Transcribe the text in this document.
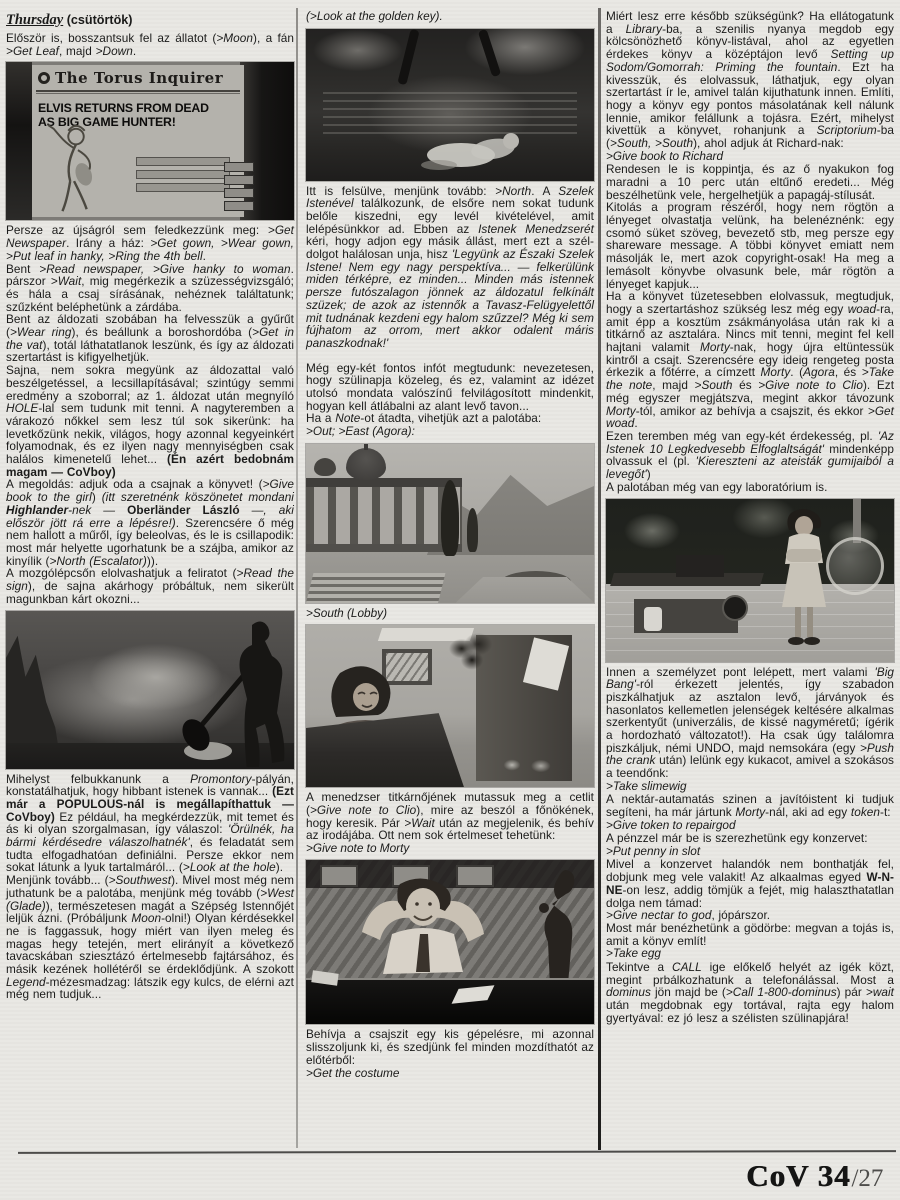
Thursday (csütörtök)
Először is, bosszantsuk fel az állatot (>Moon), a fán >Get Leaf, majd >Down.
The Torus Inquirer
ELVIS RETURNS FROM DEAD
AS BIG GAME HUNTER!
Persze az újságról sem feledkezzünk meg: >Get Newspaper. Irány a ház: >Get gown, >Wear gown, >Put leaf in hanky, >Ring the 4th bell.
Bent >Read newspaper, >Give hanky to woman. párszor >Wait, mig megérkezik a szüzességvizsgáló; és hála a csaj sírásának, nehéznek találtatunk; szűzként beléphetünk a zárdába.
Bent az áldozati szobában ha felvesszük a gyűrűt (>Wear ring), és beállunk a boroshordóba (>Get in the vat), totál láthatatlanok leszünk, és így az áldozati szertartást is kifigyelhetjük.
Sajna, nem sokra megyünk az áldozattal való beszélgetéssel, a lecsillapításával; szintúgy semmi eredmény a szoborral; az 1. áldozat után megnyíló HOLE-lal sem tudunk mit tenni. A nagyteremben a várakozó nőkkel sem lesz túl sok sikerünk: ha levetkőzünk nekik, világos, hogy azonnal kegyeinkért folyamodnak, és ez ilyen nagy mennyiségben csak halálos kimenetelű lehet... (Én azért bedobnám magam — CoVboy)
A megoldás: adjuk oda a csajnak a könyvet! (>Give book to the girl) (itt szeretnénk köszönetet mondani Highlander-nek — Oberländer László —, aki először jött rá erre a lépésre!). Szerencsére ő még nem hallott a műről, így beleolvas, és le is csillapodik: most már helyette ugorhatunk be a szájba, amikor az kinyílik (>North (Escalator))).
A mozgólépcsőn elolvashatjuk a feliratot (>Read the sign), de sajna akárhogy próbáltuk, nem sikerült magunkban kárt okozni...
Mihelyst felbukkanunk a Promontory-pályán, konstatálhatjuk, hogy hibbant istenek is vannak... (Ezt már a POPULOUS-nál is megállapíthattuk — CoVboy) Ez például, ha megkérdezzük, mit temet és ás ki olyan szorgalmasan, így válaszol: 'Örülnék, ha bármi kérdésedre válaszolhatnék', és feladatát sem tudta elfogadhatóan definiálni. Persze ekkor nem sokat látunk a lyuk tartalmáról... (>Look at the hole).
Menjünk tovább... (>Southwest). Mivel most még nem juthatunk be a palotába, menjünk még tovább (>West (Glade)), természetesen magát a Szépség Istennőjét leljük ázni. (Próbáljunk Moon-olni!) Olyan kérdésekkel ne is faggassuk, hogy miért van ilyen meleg és magas hegy tetején, mert elirányít a következő tavacskában sziesztázó értelmesebb fajtársához, és másik kezének hollétéről se érdeklődjünk. A szokott Legend-mézesmadzag: látszik egy kulcs, de elérni azt még nem tudjuk...
(>Look at the golden key).
Itt is felsülve, menjünk tovább: >North. A Szelek Istenével találkozunk, de elsőre nem sokat tudunk belőle kiszedni, egy levél kivételével, amit lelépésünkkor ad. Ebben az Istenek Menedzserét kéri, hogy adjon egy másik állást, mert ezt a szél-dolgot halálosan unja, hisz 'Legyünk az Északi Szelek Istene! Nem egy nagy perspektíva... — felkerülünk miden térképre, ez minden... Minden más istennek persze futószalagon jönnek az áldozatul felkínált szüzek; de azok az istennők a Tavasz-Felügyelettől mit tudnának kezdeni egy halom szűzzel? Még ki sem fújhatom az orrom, mert akkor odalent máris panaszkodnak!'
Még egy-két fontos infót megtudunk: nevezetesen, hogy szülinapja közeleg, és ez, valamint az idézet utolsó mondata valószínű felvilágosított mindenkit, hogyan kell átlábalni az alant levő tavon...
Ha a Note-ot átadta, vihetjük azt a palotába:
>Out; >East (Agora):
>South (Lobby)
A menedzser titkárnőjének mutassuk meg a cetlit (>Give note to Clio), mire az beszól a főnökének, hogy keresik. Pár >Wait után az megjelenik, és behív az irodájába. Ott nem sok értelmeset tehetünk:
>Give note to Morty
Behívja a csajszit egy kis gépelésre, mi azonnal slisszoljunk ki, és szedjünk fel minden mozdíthatót az előtérből:
>Get the costume
Miért lesz erre később szükségünk? Ha ellátogatunk a Library-ba, a szenilis nyanya megdob egy kölcsönözhető könyv-listával, ahol az egyetlen érdekes könyv a középtájon levő Setting up Sodom/Gomorrah: Priming the fountain. Ezt ha kivesszük, és elolvassuk, láthatjuk, egy olyan szertartást ír le, amivel talán kijuthatunk innen. Említi, hogy a könyv egy pontos másolatának kell nálunk lennie, amikor felállunk a tojásra. Ezért, mihelyst kivettük a könyvet, rohanjunk a Scriptorium-ba (>South, >South), ahol adjuk át Richard-nak:
>Give book to Richard
Rendesen le is koppintja, és az ő nyakukon fog maradni a 10 perc után eltűnő eredeti... Még beszélhetünk vele, hergelhetjük a papagáj-stílusát.
Kitolás a program részéről, hogy nem rögtön a lényeget olvastatja velünk, ha belenéznénk: egy csomó süket szöveg, bevezető stb, meg persze egy shareware message. A többi könyvet emiatt nem másolják le, mert azok copyright-osak! Ha meg a lemásolt könyvbe olvasunk bele, már rögtön a lényeget kapjuk...
Ha a könyvet tüzetesebben elolvassuk, megtudjuk, hogy a szertartáshoz szükség lesz még egy woad-ra, amit épp a kosztüm zsákmányolása után rak ki a titkárnő az asztalára. Nincs mit tenni, megint fel kell hajtani valamit Morty-nak, hogy újra eltüntessük kintről a csajt. Szerencsére egy ideig rengeteg posta érkezik a főtérre, a címzett Morty. (Agora, és >Take the note, majd >South és >Give note to Clio). Ezt még egyszer megjátszva, megint akkor távozunk Morty-tól, amikor az behívja a csajszit, és ekkor >Get woad.
Ezen teremben még van egy-két érdekesség, pl. 'Az Istenek 10 Legkedvesebb Elfoglaltságát' mindenképp olvassuk el (pl. 'Kiereszteni az ateisták gumijaiból a levegőt')
A palotában még van egy laboratórium is.
Innen a személyzet pont lelépett, mert valami 'Big Bang'-ról érkezett jelentés, így szabadon piszkálhatjuk az asztalon levő, járványok és hasonlatos kellemetlen jelenségek keltésére alkalmas szerkentyűt (univerzális, de kissé nagyméretű; ígérik a hordozható változatot!). Ha csak úgy találomra piszkáljuk, némi UNDO, majd nemsokára (egy >Push the crank után) lelünk egy kukacot, amivel a szokásos a teendőnk:
>Take slimewig
A nektár-autamatás szinen a javítóistent ki tudjuk segíteni, ha már jártunk Morty-nál, aki ad egy token-t:
>Give token to repairgod
A pénzzel már be is szerezhetünk egy konzervet:
>Put penny in slot
Mivel a konzervet halandók nem bonthatják fel, dobjunk meg vele valakit! Az alkaalmas egyed W-N-NE-on lesz, addig tömjük a fejét, mig halaszthatatlan dolga nem támad:
>Give nectar to god, jópárszor.
Most már benézhetünk a gödörbe: megvan a tojás is, amit a könyv említ!
>Take egg
Tekintve a CALL ige előkelő helyét az igék közt, megint prbálkozhatunk a telefonálással. Most a dominus jön majd be (>Call 1-800-dominus) pár >wait után megdobnak egy tortával, rajta egy halom gyertyával: ez jó lesz a szélisten szülinapjára!
CoV 34/27
